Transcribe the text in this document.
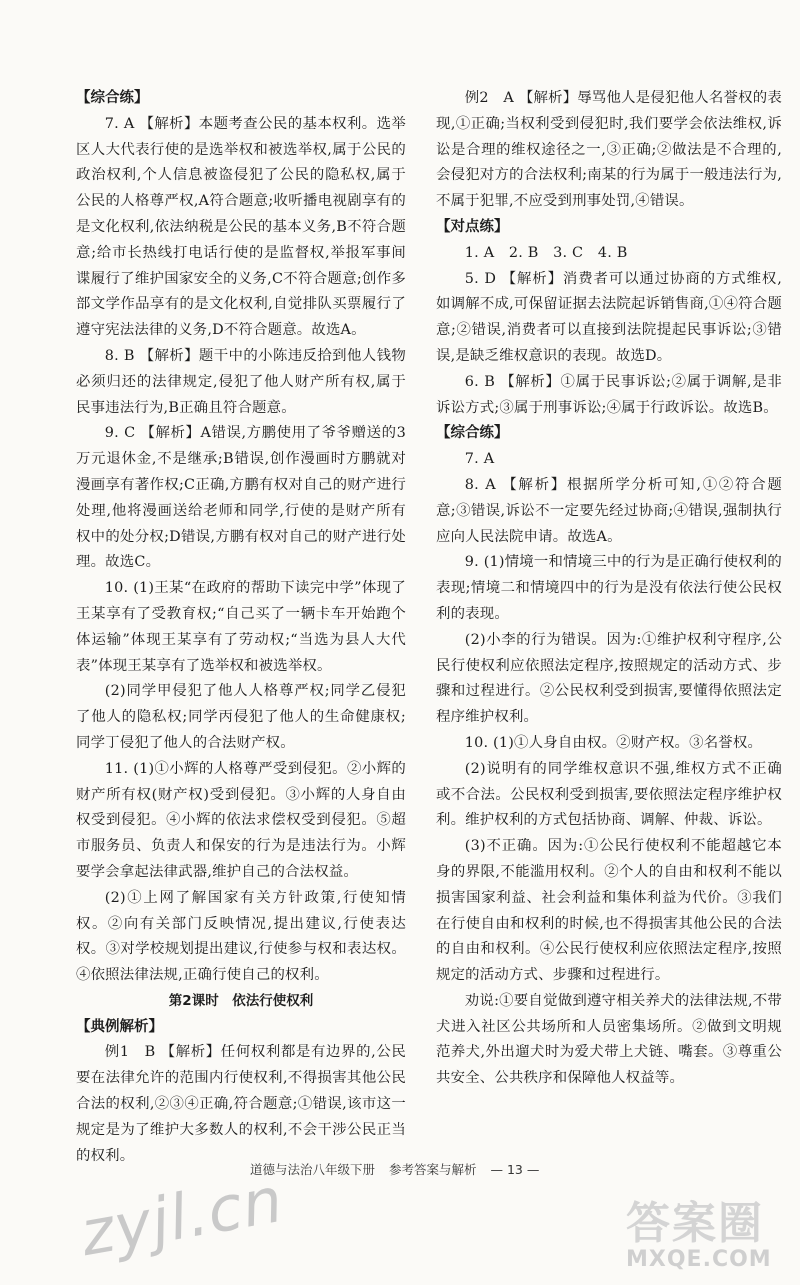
【综合练】

7. A 【解析】本题考查公民的基本权利。选举区人大代表行使的是选举权和被选举权,属于公民的政治权利,个人信息被盗侵犯了公民的隐私权,属于公民的人格尊严权,A符合题意;收听播电视剧享有的是文化权利,依法纳税是公民的基本义务,B不符合题意;给市长热线打电话行使的是监督权,举报军事间谍履行了维护国家安全的义务,C不符合题意;创作多部文学作品享有的是文化权利,自觉排队买票履行了遵守宪法法律的义务,D不符合题意。故选A。

8. B 【解析】题干中的小陈违反拾到他人钱物必须归还的法律规定,侵犯了他人财产所有权,属于民事违法行为,B正确且符合题意。

9. C 【解析】A错误,方鹏使用了爷爷赠送的3万元退休金,不是继承;B错误,创作漫画时方鹏就对漫画享有著作权;C正确,方鹏有权对自己的财产进行处理,他将漫画送给老师和同学,行使的是财产所有权中的处分权;D错误,方鹏有权对自己的财产进行处理。故选C。

10. (1)王某“在政府的帮助下读完中学”体现了王某享有了受教育权;“自己买了一辆卡车开始跑个体运输”体现王某享有了劳动权;“当选为县人大代表”体现王某享有了选举权和被选举权。

(2)同学甲侵犯了他人人格尊严权;同学乙侵犯了他人的隐私权;同学丙侵犯了他人的生命健康权;同学丁侵犯了他人的合法财产权。

11. (1)①小辉的人格尊严受到侵犯。②小辉的财产所有权(财产权)受到侵犯。③小辉的人身自由权受到侵犯。④小辉的依法求偿权受到侵犯。⑤超市服务员、负责人和保安的行为是违法行为。小辉要学会拿起法律武器,维护自己的合法权益。

(2)①上网了解国家有关方针政策,行使知情权。②向有关部门反映情况,提出建议,行使表达权。③对学校规划提出建议,行使参与权和表达权。④依照法律法规,正确行使自己的权利。

第2课时　依法行使权利

【典例解析】

例1　B 【解析】任何权利都是有边界的,公民要在法律允许的范围内行使权利,不得损害其他公民合法的权利,②③④正确,符合题意;①错误,该市这一规定是为了维护大多数人的权利,不会干涉公民正当的权利。

例2　A 【解析】辱骂他人是侵犯他人名誉权的表现,①正确;当权利受到侵犯时,我们要学会依法维权,诉讼是合理的维权途径之一,③正确;②做法是不合理的,会侵犯对方的合法权利;南某的行为属于一般违法行为,不属于犯罪,不应受到刑事处罚,④错误。

【对点练】

1. A　2. B　3. C　4. B

5. D 【解析】消费者可以通过协商的方式维权,如调解不成,可保留证据去法院起诉销售商,①④符合题意;②错误,消费者可以直接到法院提起民事诉讼;③错误,是缺乏维权意识的表现。故选D。

6. B 【解析】①属于民事诉讼;②属于调解,是非诉讼方式;③属于刑事诉讼;④属于行政诉讼。故选B。

【综合练】

7. A

8. A 【解析】根据所学分析可知,①②符合题意;③错误,诉讼不一定要先经过协商;④错误,强制执行应向人民法院申请。故选A。

9. (1)情境一和情境三中的行为是正确行使权利的表现;情境二和情境四中的行为是没有依法行使公民权利的表现。

(2)小李的行为错误。因为:①维护权利守程序,公民行使权利应依照法定程序,按照规定的活动方式、步骤和过程进行。②公民权利受到损害,要懂得依照法定程序维护权利。

10. (1)①人身自由权。②财产权。③名誉权。

(2)说明有的同学维权意识不强,维权方式不正确或不合法。公民权利受到损害,要依照法定程序维护权利。维护权利的方式包括协商、调解、仲裁、诉讼。

(3)不正确。因为:①公民行使权利不能超越它本身的界限,不能滥用权利。②个人的自由和权利不能以损害国家利益、社会利益和集体利益为代价。③我们在行使自由和权利的时候,也不得损害其他公民的合法的自由和权利。④公民行使权利应依照法定程序,按照规定的活动方式、步骤和过程进行。

劝说:①要自觉做到遵守相关养犬的法律法规,不带犬进入社区公共场所和人员密集场所。②做到文明规范养犬,外出遛犬时为爱犬带上犬链、嘴套。③尊重公共安全、公共秩序和保障他人权益等。

道德与法治八年级下册 参考答案与解析 — 13 —
zyjl.cn	答案圈
MXQE.COM
